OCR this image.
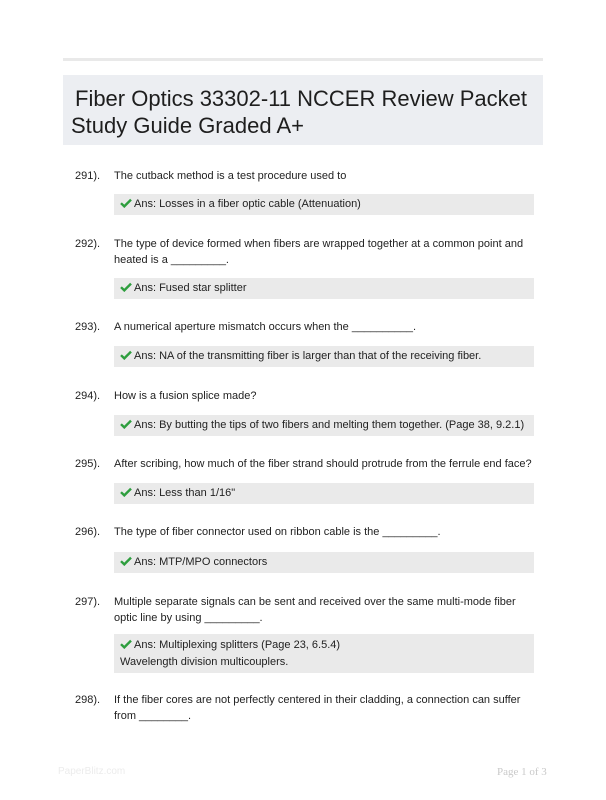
Fiber Optics 33302-11 NCCER Review Packet
Study Guide Graded A+
291). The cutback method is a test procedure used to
Ans: Losses in a fiber optic cable (Attenuation)
292). The type of device formed when fibers are wrapped together at a common point and heated is a _________.
Ans: Fused star splitter
293). A numerical aperture mismatch occurs when the __________.
Ans: NA of the transmitting fiber is larger than that of the receiving fiber.
294). How is a fusion splice made?
Ans: By butting the tips of two fibers and melting them together. (Page 38, 9.2.1)
295). After scribing, how much of the fiber strand should protrude from the ferrule end face?
Ans: Less than 1/16"
296). The type of fiber connector used on ribbon cable is the _________.
Ans: MTP/MPO connectors
297). Multiple separate signals can be sent and received over the same multi-mode fiber optic line by using _________.
Ans: Multiplexing splitters (Page 23, 6.5.4)
Wavelength division multicouplers.
298). If the fiber cores are not perfectly centered in their cladding, a connection can suffer from ________.
PaperBlitz.com	Page 1 of 3
